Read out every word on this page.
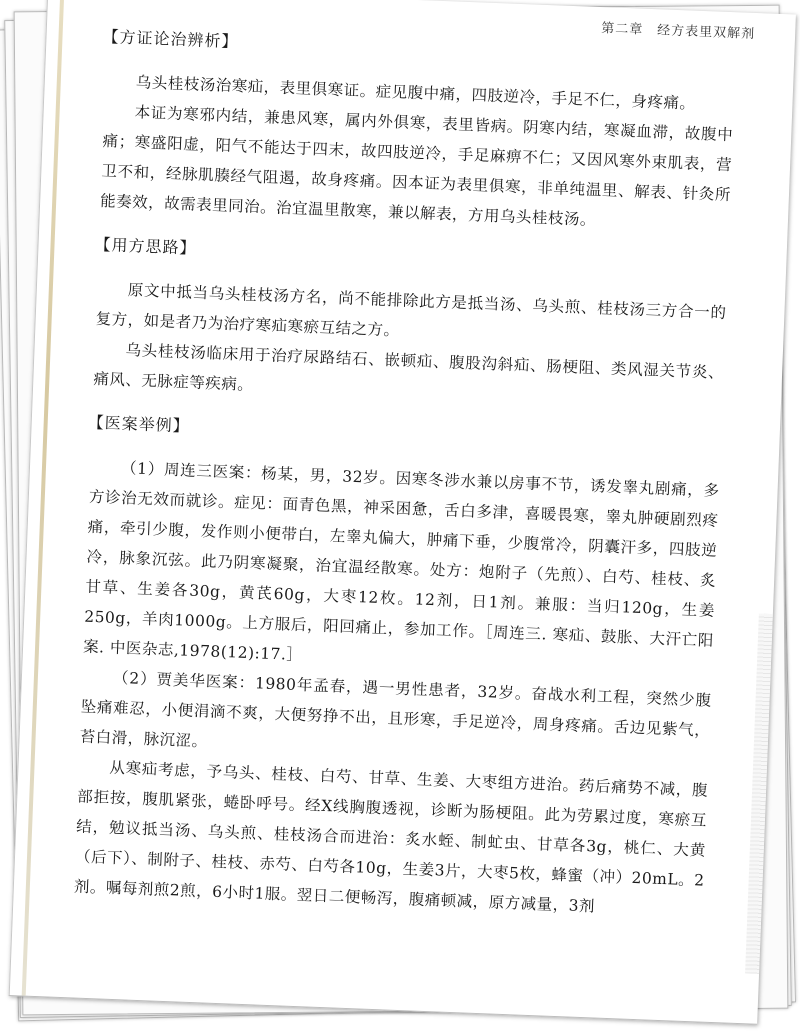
第二章　经方表里双解剂
【方证论治辨析】

乌头桂枝汤治寒疝，表里俱寒证。症见腹中痛，四肢逆冷，手足不仁，身疼痛。

本证为寒邪内结，兼患风寒，属内外俱寒，表里皆病。阴寒内结，寒凝血滞，故腹中痛；寒盛阳虚，阳气不能达于四末，故四肢逆冷，手足麻痹不仁；又因风寒外束肌表，营卫不和，经脉肌腠经气阻遏，故身疼痛。因本证为表里俱寒，非单纯温里、解表、针灸所能奏效，故需表里同治。治宜温里散寒，兼以解表，方用乌头桂枝汤。

【用方思路】

原文中抵当乌头桂枝汤方名，尚不能排除此方是抵当汤、乌头煎、桂枝汤三方合一的复方，如是者乃为治疗寒疝寒瘀互结之方。

乌头桂枝汤临床用于治疗尿路结石、嵌顿疝、腹股沟斜疝、肠梗阻、类风湿关节炎、痛风、无脉症等疾病。

【医案举例】

（1）周连三医案：杨某，男，32岁。因寒冬涉水兼以房事不节，诱发睾丸剧痛，多方诊治无效而就诊。症见：面青色黑，神采困惫，舌白多津，喜暖畏寒，睾丸肿硬剧烈疼痛，牵引少腹，发作则小便带白，左睾丸偏大，肿痛下垂，少腹常冷，阴囊汗多，四肢逆冷，脉象沉弦。此乃阴寒凝聚，治宜温经散寒。处方：炮附子（先煎）、白芍、桂枝、炙甘草、生姜各30g，黄芪60g，大枣12枚。12剂，日1剂。兼服：当归120g，生姜250g，羊肉1000g。上方服后，阳回痛止，参加工作。［周连三. 寒疝、鼓胀、大汗亡阳案. 中医杂志,1978(12):17.］

（2）贾美华医案：1980年孟春，遇一男性患者，32岁。奋战水利工程，突然少腹坠痛难忍，小便涓滴不爽，大便努挣不出，且形寒，手足逆冷，周身疼痛。舌边见紫气，苔白滑，脉沉涩。

从寒疝考虑，予乌头、桂枝、白芍、甘草、生姜、大枣组方进治。药后痛势不减，腹部拒按，腹肌紧张，蜷卧呼号。经X线胸腹透视，诊断为肠梗阻。此为劳累过度，寒瘀互结，勉议抵当汤、乌头煎、桂枝汤合而进治：炙水蛭、制虻虫、甘草各3g，桃仁、大黄（后下）、制附子、桂枝、赤芍、白芍各10g，生姜3片，大枣5枚，蜂蜜（冲）20mL。2剂。嘱每剂煎2煎，6小时1服。翌日二便畅泻，腹痛顿减，原方减量，3剂
